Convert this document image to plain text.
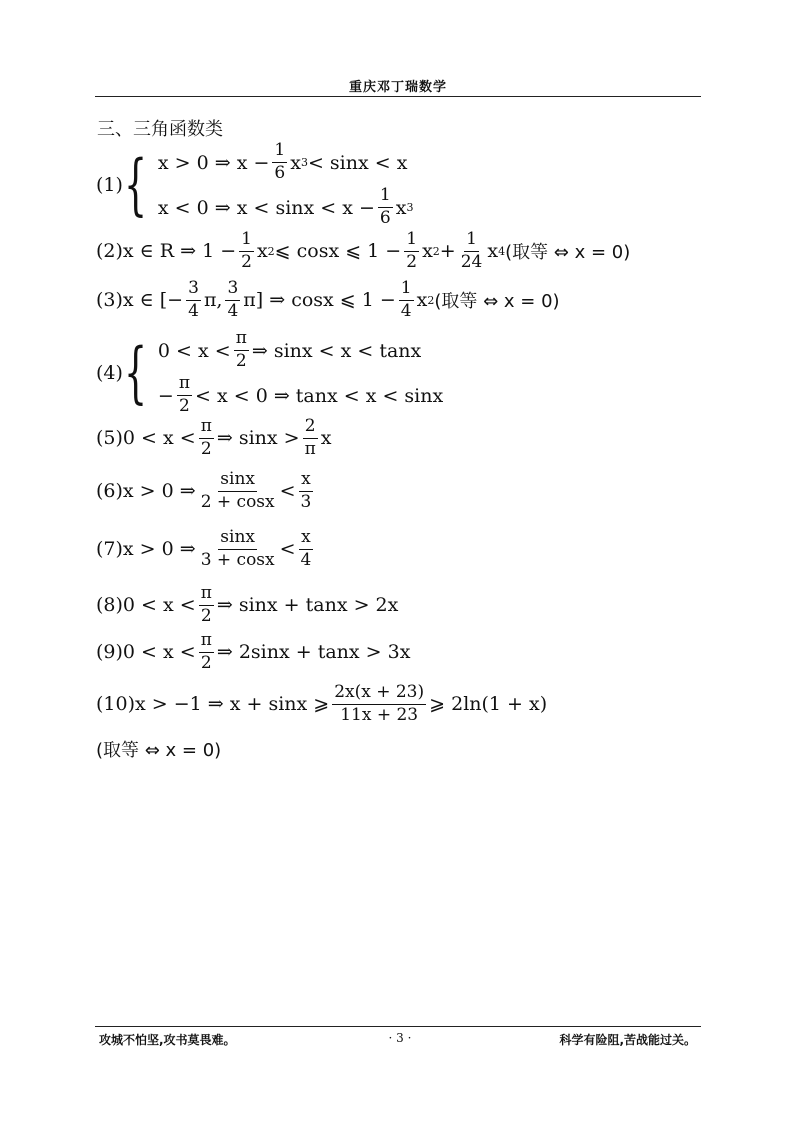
重庆邓丁瑞数学
三、三角函数类
(1) { x > 0 ⇒ $x - \frac{1}{6}$ x 3 < sinx < x
x < 0 ⇒ $x < \sin x < x - \frac{1}{6}$ x 3
(2)x ∈ R ⇒ $1 - \frac{1}{2}$ x 2 ⩽ cosx ⩽ $1 - \frac{1}{2}$ x $2 + \frac{1}{24}$ x 4 (取等 ⇔ x = 0)
(3)x ∈ [− $\frac{3}{4} \pi$, $\frac{3}{4} \pi$] ⇒ cosx ⩽ $1 - \frac{1}{4}$ x 2 (取等 ⇔ x = 0)
(4) { $0 < x < \frac{\pi}{2}$ ⇒ sinx < x < tanx
− $\frac{\pi}{2} < x < 0$ ⇒ tanx < x < sinx
$(5)0 < x < \frac{\pi}{2}$ ⇒ $\sin x > \frac{2}{\pi}$ x
(6)x > 0 ⇒ $\frac{\sin x}{2 + \cos x} < \frac{x}{3}$
(7)x > 0 ⇒ $\frac{\sin x}{3 + \cos x} < \frac{x}{4}$
$(8)0 < x < \frac{\pi}{2}$ ⇒ sinx + tanx > 2x
$(9)0 < x < \frac{\pi}{2}$ ⇒ 2sinx + tanx > 3x
(10)x > −1 ⇒ x + sinx ⩾ $\frac{2x(x + 23)}{11x + 23}$ ⩾ 2ln(1 + x)
(取等 ⇔ x = 0)
攻城不怕坚,攻书莫畏难。	· 3 ·	科学有险阻,苦战能过关。
